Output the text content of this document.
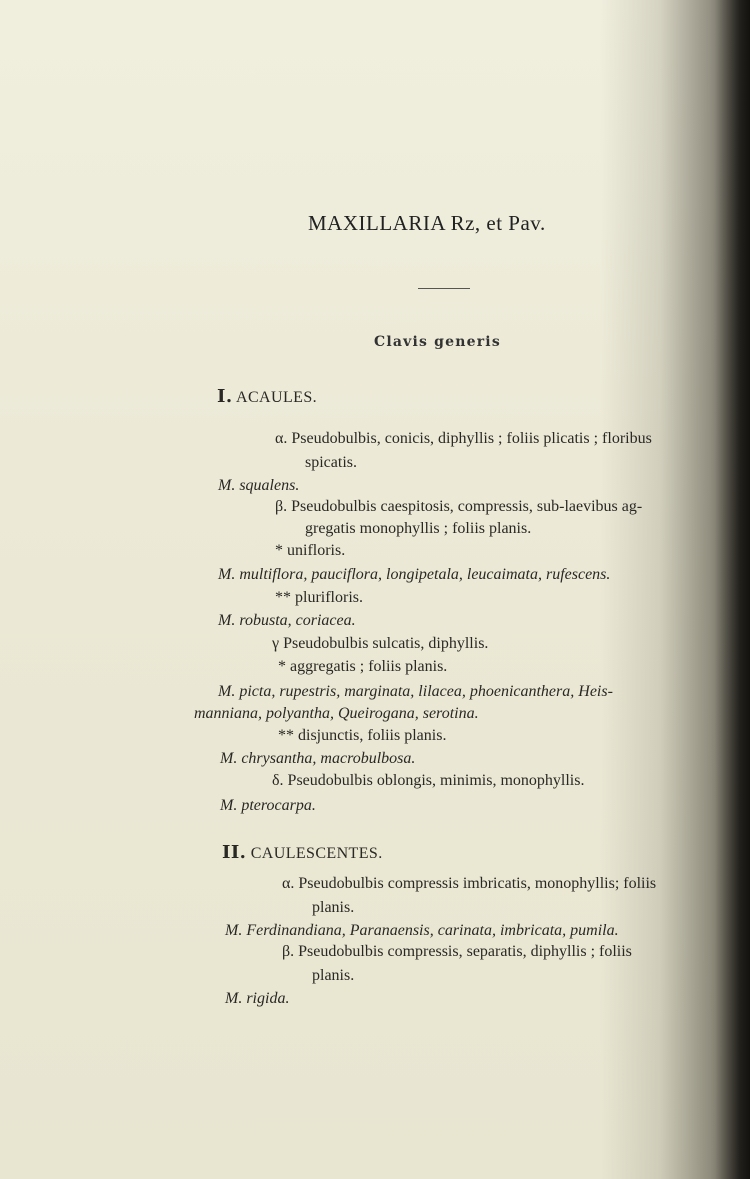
MAXILLARIA Rz, et Pav.
Clavis generis
I. ACAULES.
α. Pseudobulbis, conicis, diphyllis ; foliis plicatis ; floribus
spicatis.
M. squalens.
β. Pseudobulbis caespitosis, compressis, sub-laevibus ag-
gregatis monophyllis ; foliis planis.
* unifloris.
M. multiflora, pauciflora, longipetala, leucaimata, rufescens.
** plurifloris.
M. robusta, coriacea.
γ Pseudobulbis sulcatis, diphyllis.
* aggregatis ; foliis planis.
M. picta, rupestris, marginata, lilacea, phoenicanthera, Heis-
manniana, polyantha, Queirogana, serotina.
** disjunctis, foliis planis.
M. chrysantha, macrobulbosa.
δ. Pseudobulbis oblongis, minimis, monophyllis.
M. pterocarpa.
II. CAULESCENTES.
α. Pseudobulbis compressis imbricatis, monophyllis; foliis
planis.
M. Ferdinandiana, Paranaensis, carinata, imbricata, pumila.
β. Pseudobulbis compressis, separatis, diphyllis ; foliis
planis.
M. rigida.
